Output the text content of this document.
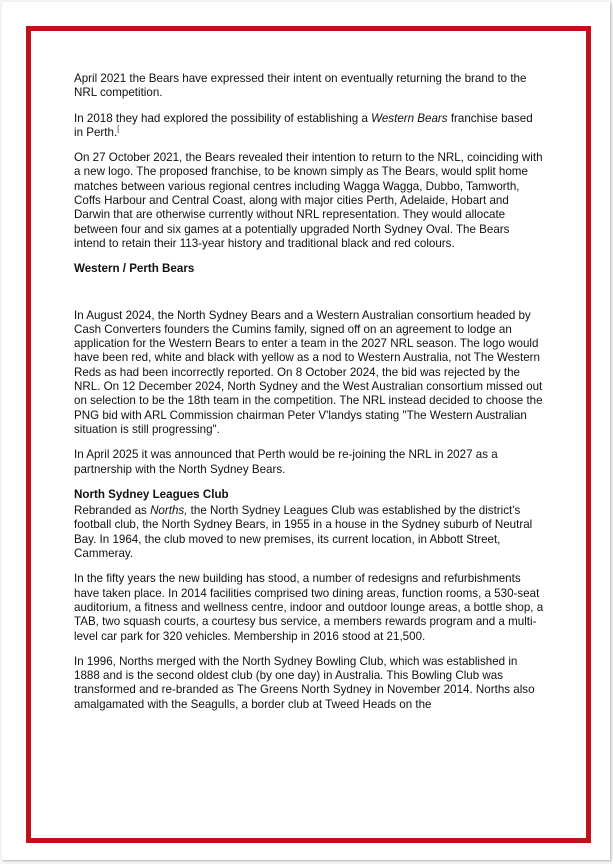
April 2021 the Bears have expressed their intent on eventually returning the brand to the NRL competition.

In 2018 they had explored the possibility of establishing a Western Bears franchise based in Perth.[

On 27 October 2021, the Bears revealed their intention to return to the NRL, coinciding with a new logo. The proposed franchise, to be known simply as The Bears, would split home matches between various regional centres including Wagga Wagga, Dubbo, Tamworth, Coffs Harbour and Central Coast, along with major cities Perth, Adelaide, Hobart and Darwin that are otherwise currently without NRL representation. They would allocate between four and six games at a potentially upgraded North Sydney Oval. The Bears intend to retain their 113-year history and traditional black and red colours.

Western / Perth Bears

In August 2024, the North Sydney Bears and a Western Australian consortium headed by Cash Converters founders the Cumins family, signed off on an agreement to lodge an application for the Western Bears to enter a team in the 2027 NRL season. The logo would have been red, white and black with yellow as a nod to Western Australia, not The Western Reds as had been incorrectly reported. On 8 October 2024, the bid was rejected by the NRL. On 12 December 2024, North Sydney and the West Australian consortium missed out on selection to be the 18th team in the competition. The NRL instead decided to choose the PNG bid with ARL Commission chairman Peter V'landys stating "The Western Australian situation is still progressing".

In April 2025 it was announced that Perth would be re-joining the NRL in 2027 as a partnership with the North Sydney Bears.

North Sydney Leagues Club

Rebranded as Norths, the North Sydney Leagues Club was established by the district's football club, the North Sydney Bears, in 1955 in a house in the Sydney suburb of Neutral Bay. In 1964, the club moved to new premises, its current location, in Abbott Street, Cammeray.

In the fifty years the new building has stood, a number of redesigns and refurbishments have taken place. In 2014 facilities comprised two dining areas, function rooms, a 530-seat auditorium, a fitness and wellness centre, indoor and outdoor lounge areas, a bottle shop, a TAB, two squash courts, a courtesy bus service, a members rewards program and a multi-level car park for 320 vehicles. Membership in 2016 stood at 21,500.

In 1996, Norths merged with the North Sydney Bowling Club, which was established in 1888 and is the second oldest club (by one day) in Australia. This Bowling Club was transformed and re-branded as The Greens North Sydney in November 2014. Norths also amalgamated with the Seagulls, a border club at Tweed Heads on the
